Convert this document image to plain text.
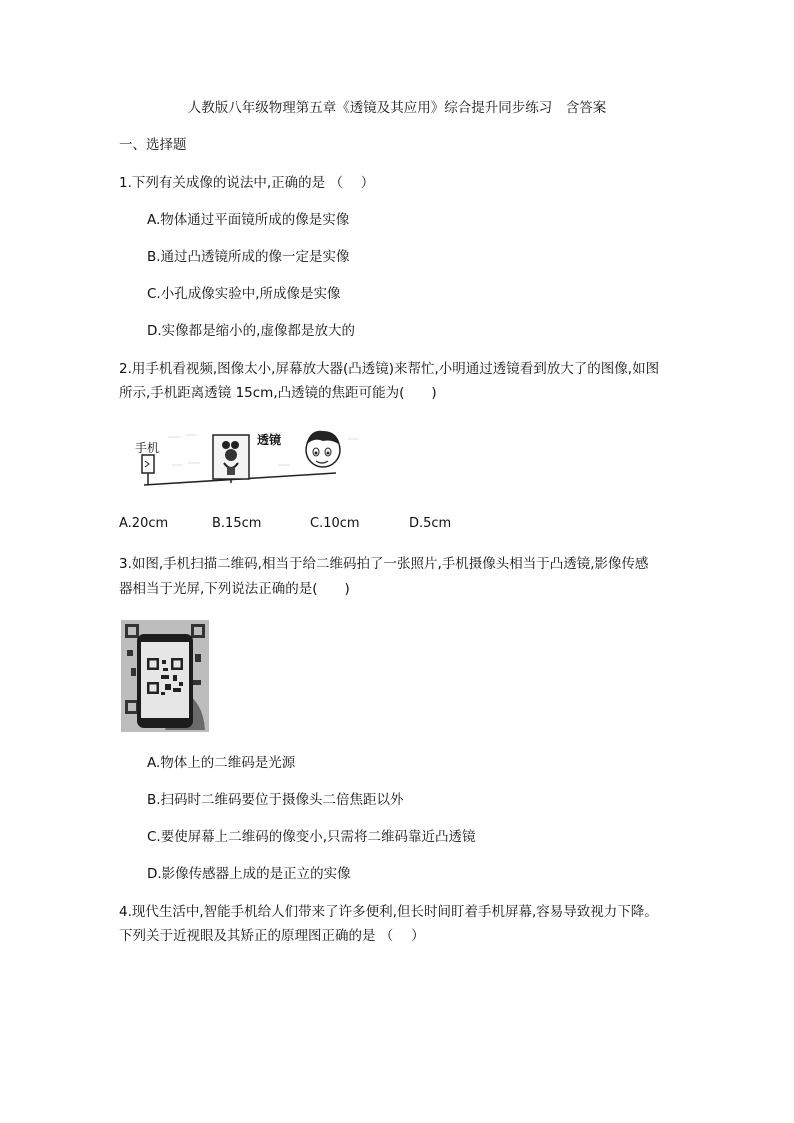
人教版八年级物理第五章《透镜及其应用》综合提升同步练习　含答案
一、选择题
1.下列有关成像的说法中,正确的是 （　 ）
A.物体通过平面镜所成的像是实像
B.通过凸透镜所成的像一定是实像
C.小孔成像实验中,所成像是实像
D.实像都是缩小的,虚像都是放大的
2.用手机看视频,图像太小,屏幕放大器(凸透镜)来帮忙,小明通过透镜看到放大了的图像,如图
所示,手机距离透镜 15cm,凸透镜的焦距可能为(　　)
手机
透镜
A.20cm	B.15cm	C.10cm	D.5cm
3.如图,手机扫描二维码,相当于给二维码拍了一张照片,手机摄像头相当于凸透镜,影像传感
器相当于光屏,下列说法正确的是(　　)
A.物体上的二维码是光源
B.扫码时二维码要位于摄像头二倍焦距以外
C.要使屏幕上二维码的像变小,只需将二维码靠近凸透镜
D.影像传感器上成的是正立的实像
4.现代生活中,智能手机给人们带来了许多便利,但长时间盯着手机屏幕,容易导致视力下降。
下列关于近视眼及其矫正的原理图正确的是 （　 ）
